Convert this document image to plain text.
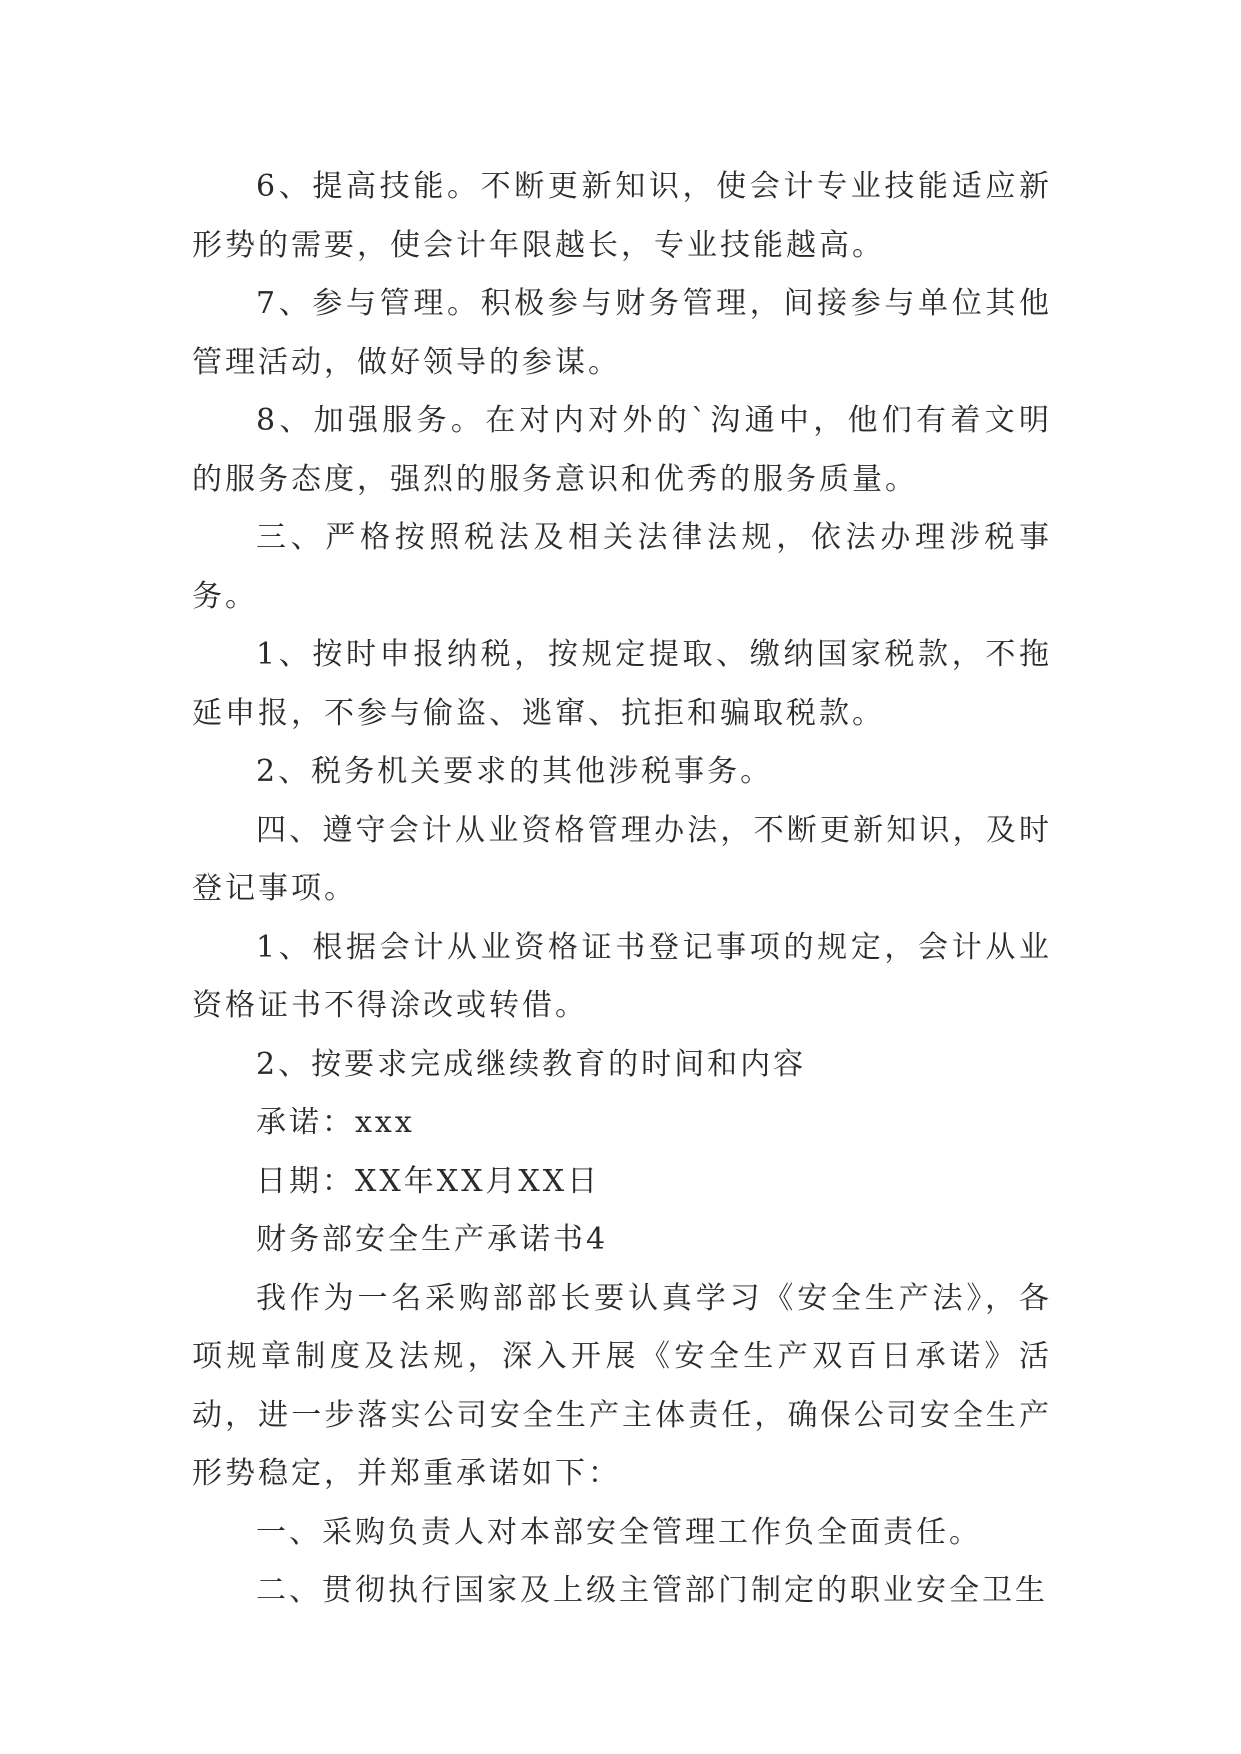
6、提高技能。不断更新知识，使会计专业技能适应新形势的需要，使会计年限越长，专业技能越高。

7、参与管理。积极参与财务管理，间接参与单位其他管理活动，做好领导的参谋。

8、加强服务。在对内对外的`沟通中，他们有着文明的服务态度，强烈的服务意识和优秀的服务质量。

三、严格按照税法及相关法律法规，依法办理涉税事务。

1、按时申报纳税，按规定提取、缴纳国家税款，不拖延申报，不参与偷盗、逃窜、抗拒和骗取税款。

2、税务机关要求的其他涉税事务。

四、遵守会计从业资格管理办法，不断更新知识，及时登记事项。

1、根据会计从业资格证书登记事项的规定，会计从业资格证书不得涂改或转借。

2、按要求完成继续教育的时间和内容

承诺：xxx

日期：XX年XX月XX日

财务部安全生产承诺书4

我作为一名采购部部长要认真学习《安全生产法》，各项规章制度及法规，深入开展《安全生产双百日承诺》活动，进一步落实公司安全生产主体责任，确保公司安全生产形势稳定，并郑重承诺如下：

一、采购负责人对本部安全管理工作负全面责任。

二、贯彻执行国家及上级主管部门制定的职业安全卫生
